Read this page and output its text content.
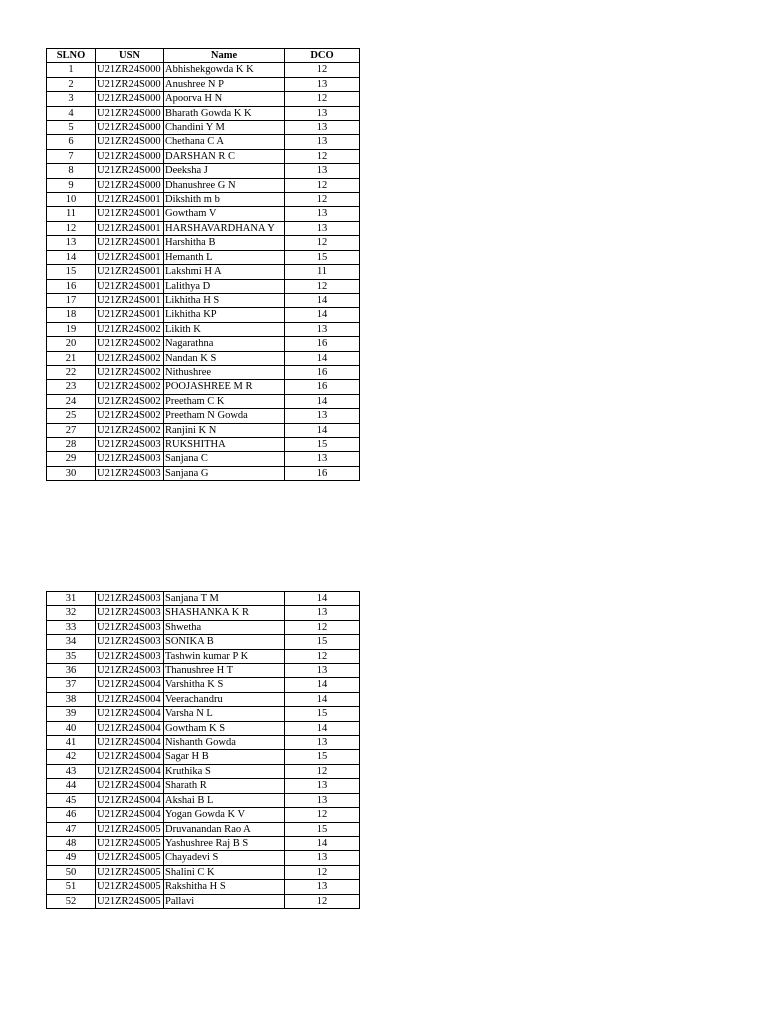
SLNO	USN	Name	DCO
1	U21ZR24S000	Abhishekgowda K K	12
2	U21ZR24S000	Anushree N P	13
3	U21ZR24S000	Apoorva H N	12
4	U21ZR24S000	Bharath Gowda K K	13
5	U21ZR24S000	Chandini Y M	13
6	U21ZR24S000	Chethana C A	13
7	U21ZR24S000	DARSHAN R C	12
8	U21ZR24S000	Deeksha J	13
9	U21ZR24S000	Dhanushree G N	12
10	U21ZR24S001	Dikshith m b	12
11	U21ZR24S001	Gowtham V	13
12	U21ZR24S001	HARSHAVARDHANA Y	13
13	U21ZR24S001	Harshitha B	12
14	U21ZR24S001	Hemanth L	15
15	U21ZR24S001	Lakshmi H A	11
16	U21ZR24S001	Lalithya D	12
17	U21ZR24S001	Likhitha H S	14
18	U21ZR24S001	Likhitha KP	14
19	U21ZR24S002	Likith K	13
20	U21ZR24S002	Nagarathna	16
21	U21ZR24S002	Nandan K S	14
22	U21ZR24S002	Nithushree	16
23	U21ZR24S002	POOJASHREE M R	16
24	U21ZR24S002	Preetham C K	14
25	U21ZR24S002	Preetham N Gowda	13
27	U21ZR24S002	Ranjini K N	14
28	U21ZR24S003	RUKSHITHA	15
29	U21ZR24S003	Sanjana C	13
30	U21ZR24S003	Sanjana G	16
31	U21ZR24S003	Sanjana T M	14
32	U21ZR24S003	SHASHANKA K R	13
33	U21ZR24S003	Shwetha	12
34	U21ZR24S003	SONIKA B	15
35	U21ZR24S003	Tashwin kumar P K	12
36	U21ZR24S003	Thanushree H T	13
37	U21ZR24S004	Varshitha K S	14
38	U21ZR24S004	Veerachandru	14
39	U21ZR24S004	Varsha N L	15
40	U21ZR24S004	Gowtham K S	14
41	U21ZR24S004	Nishanth Gowda	13
42	U21ZR24S004	Sagar H B	15
43	U21ZR24S004	Kruthika S	12
44	U21ZR24S004	Sharath R	13
45	U21ZR24S004	Akshai B L	13
46	U21ZR24S004	Yogan Gowda K V	12
47	U21ZR24S005	Druvanandan Rao A	15
48	U21ZR24S005	Yashushree Raj B S	14
49	U21ZR24S005	Chayadevi S	13
50	U21ZR24S005	Shalini C K	12
51	U21ZR24S005	Rakshitha H S	13
52	U21ZR24S005	Pallavi	12
